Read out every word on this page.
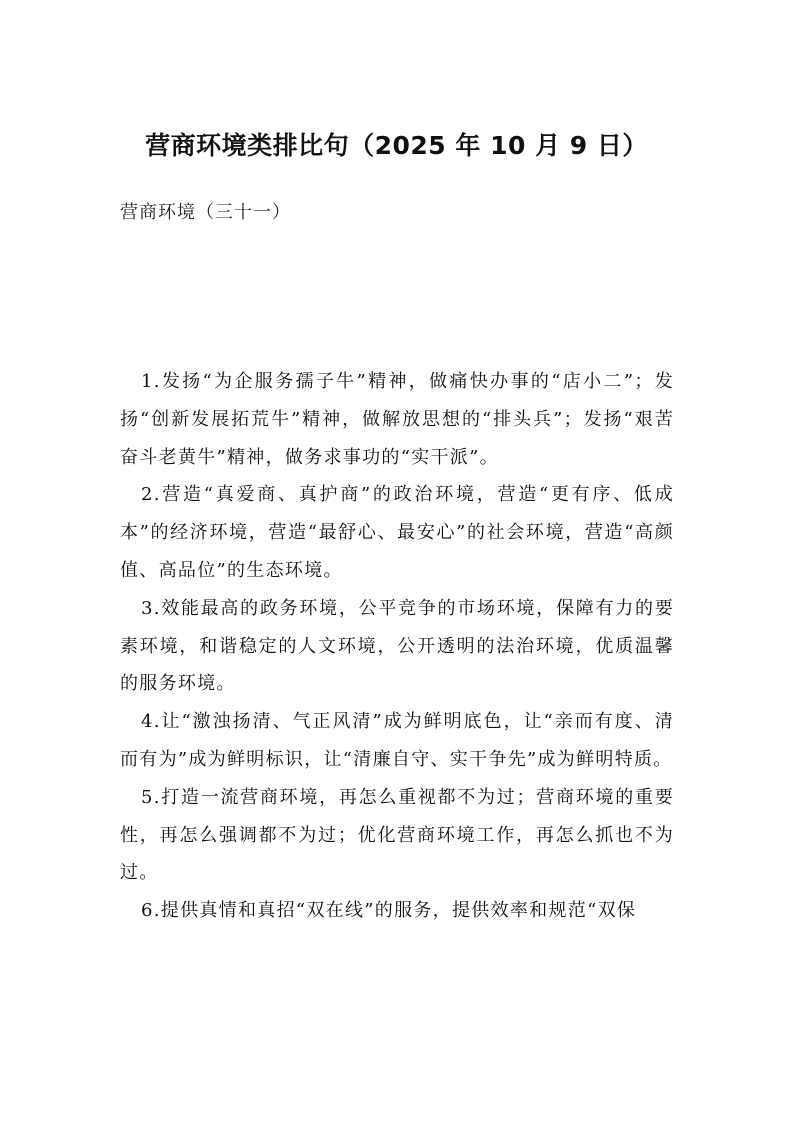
营商环境类排比句（2025 年 10 月 9 日）
营商环境（三十一）

1.发扬“为企服务孺子牛”精神，做痛快办事的“店小二”；发扬“创新发展拓荒牛”精神，做解放思想的“排头兵”；发扬“艰苦奋斗老黄牛”精神，做务求事功的“实干派”。

2.营造“真爱商、真护商”的政治环境，营造“更有序、低成本”的经济环境，营造“最舒心、最安心”的社会环境，营造“高颜值、高品位”的生态环境。

3.效能最高的政务环境，公平竞争的市场环境，保障有力的要素环境，和谐稳定的人文环境，公开透明的法治环境，优质温馨的服务环境。

4.让“激浊扬清、气正风清”成为鲜明底色，让“亲而有度、清而有为”成为鲜明标识，让“清廉自守、实干争先”成为鲜明特质。

5.打造一流营商环境，再怎么重视都不为过；营商环境的重要性，再怎么强调都不为过；优化营商环境工作，再怎么抓也不为过。

6.提供真情和真招“双在线”的服务，提供效率和规范“双保
